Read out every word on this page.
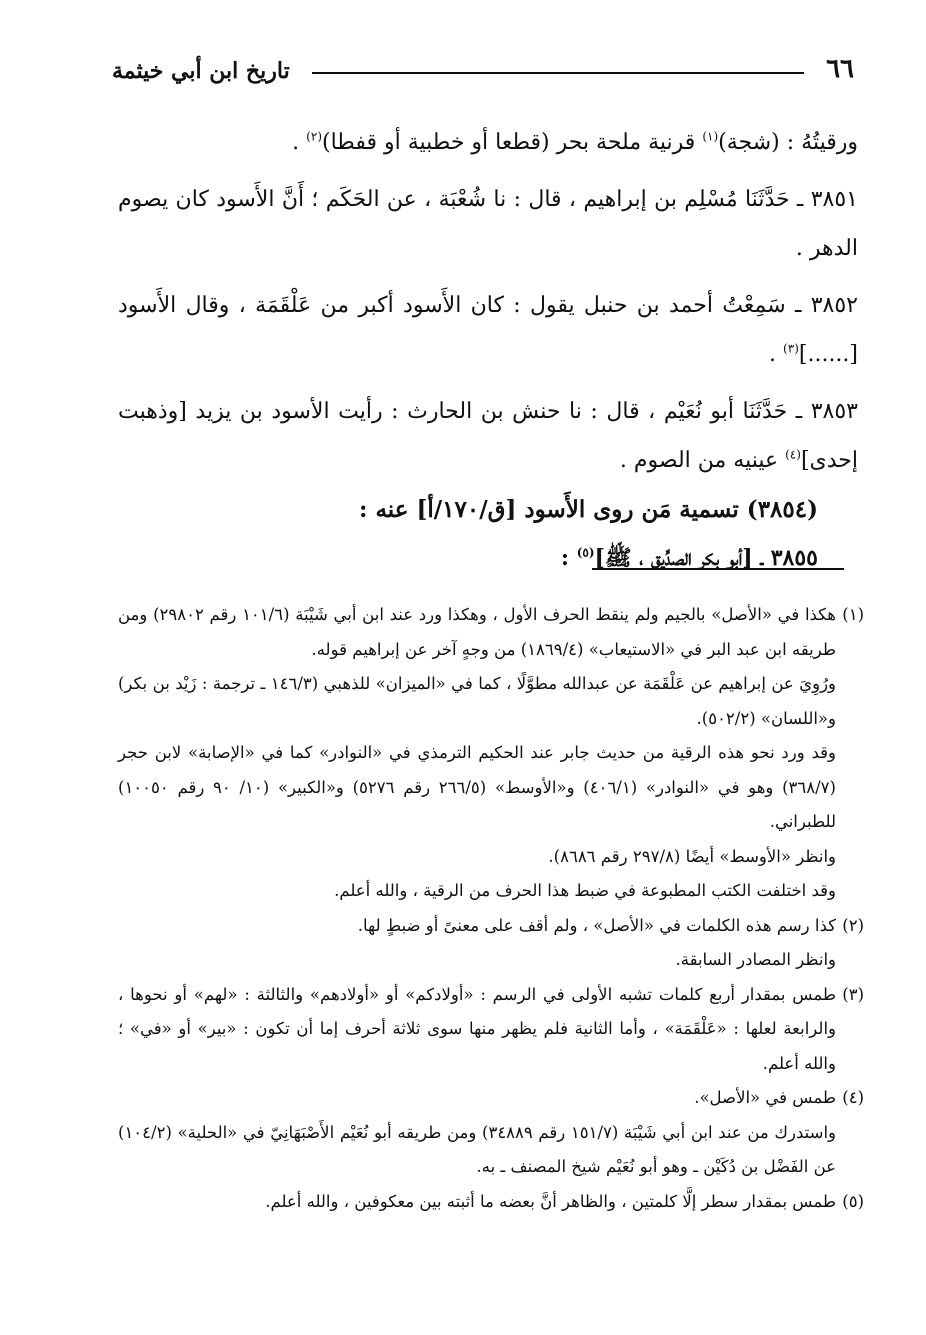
٦٦
تاريخ ابن أبي خيثمة

ورقيتُهُ : (شجة)$^{(١)}$ قرنية ملحة بحر (قطعا أو خطبية أو قفطا)$^{(٢)}$ .

٣٨٥١ ـ حَدَّثَنَا مُسْلِم بن إبراهيم ، قال : نا شُعْبَة ، عن الحَكَم ؛ أَنَّ الأَسود كان يصوم الدهر .

٣٨٥٢ ـ سَمِعْتُ أحمد بن حنبل يقول : كان الأَسود أكبر من عَلْقَمَة ، وقال الأَسود [......]$^{(٣)}$ .

٣٨٥٣ ـ حَدَّثَنَا أبو نُعَيْم ، قال : نا حنش بن الحارث : رأيت الأسود بن يزيد [وذهبت إحدى]$^{(٤)}$ عينيه من الصوم .

(٣٨٥٤) تسمية مَن روى الأَسود [ق/١٧٠/أ] عنه :

٣٨٥٥ ـ [أبو بكر الصدِّيق ، ﷺ]$^{(٥)}$ :

(١)هكذا في «الأصل» بالجيم ولم ينقط الحرف الأول ، وهكذا ورد عند ابن أبي شَيْبَة (١٠١/٦ رقم ٢٩٨٠٢) ومن طريقه ابن عبد البر في «الاستيعاب» (١٨٦٩/٤) من وجهٍ آخر عن إبراهيم قوله.

ورُوِيَ عن إبراهيم عن عَلْقَمَة عن عبدالله مطوَّلًا ، كما في «الميزان» للذهبي (١٤٦/٣ ـ ترجمة : زَيْد بن بكر) و«اللسان» (٥٠٢/٢).

وقد ورد نحو هذه الرقية من حديث جابر عند الحكيم الترمذي في «النوادر» كما في «الإصابة» لابن حجر (٣٦٨/٧) وهو في «النوادر» (٤٠٦/١) و«الأوسط» (٢٦٦/٥ رقم ٥٢٧٦) و«الكبير» (١٠/ ٩٠ رقم ١٠٠٥٠) للطبراني.

وانظر «الأوسط» أيضًا (٢٩٧/٨ رقم ٨٦٨٦).

وقد اختلفت الكتب المطبوعة في ضبط هذا الحرف من الرقية ، والله أعلم.

(٢)كذا رسم هذه الكلمات في «الأصل» ، ولم أقف على معنىً أو ضبطٍ لها.

وانظر المصادر السابقة.

(٣)طمس بمقدار أربع كلمات تشبه الأولى في الرسم : «أولادكم» أو «أولادهم» والثالثة : «لهم» أو نحوها ، والرابعة لعلها : «عَلْقَمَة» ، وأما الثانية فلم يظهر منها سوى ثلاثة أحرف إما أن تكون : «بير» أو «في» ؛ والله أعلم.

(٤)طمس في «الأصل».

واستدرك من عند ابن أبي شَيْبَة (١٥١/٧ رقم ٣٤٨٨٩) ومن طريقه أبو نُعَيْم الأَصْبَهَانِيّ في «الحلية» (١٠٤/٢) عن الفَضْل بن دُكَيْن ـ وهو أبو نُعَيْم شيخ المصنف ـ به.

(٥)طمس بمقدار سطر إلَّا كلمتين ، والظاهر أنَّ بعضه ما أثبته بين معكوفين ، والله أعلم.
